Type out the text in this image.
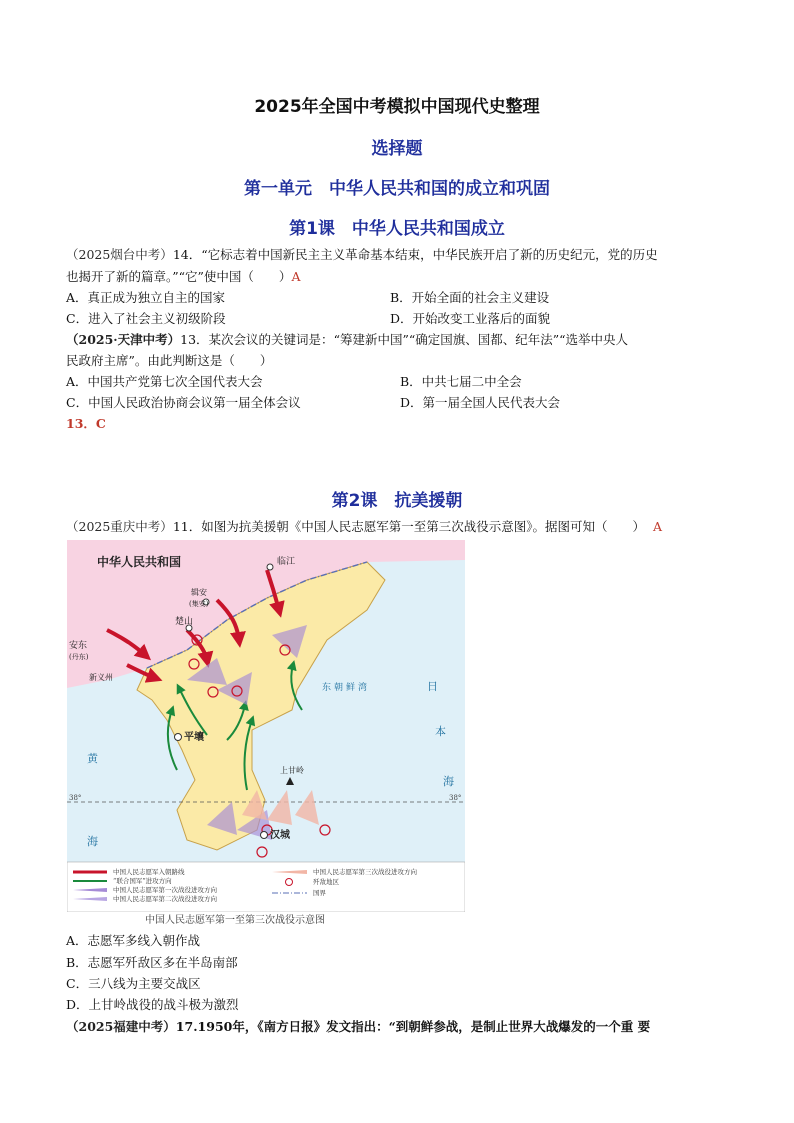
2025年全国中考模拟中国现代史整理
选择题
第一单元　中华人民共和国的成立和巩固
第1课　中华人民共和国成立
（2025烟台中考）14．“它标志着中国新民主主义革命基本结束，中华民族开启了新的历史纪元，党的历史
也揭开了新的篇章。”“它”使中国（　　）A
A．真正成为独立自主的国家	B．开始全面的社会主义建设
C．进入了社会主义初级阶段	D．开始改变工业落后的面貌
（2025·天津中考）13．某次会议的关键词是：“筹建新中国”“确定国旗、国都、纪年法”“选举中央人
民政府主席”。由此判断这是（　　）
A．中国共产党第七次全国代表大会	B．中共七届二中全会
C．中国人民政治协商会议第一届全体会议	D．第一届全国人民代表大会
13．C
第2课　抗美援朝
（2025重庆中考）11．如图为抗美援朝《中国人民志愿军第一至第三次战役示意图》。据图可知（　　） A
中华人民共和国	临江
辑安
(集安)
楚山
安东
(丹东)
新义州
平壤
上甘岭
汉城
东朝鲜湾	日
本
海
黄
海
38°	38°
中国人民志愿军入朝路线
“联合国军”进攻方向
中国人民志愿军第一次战役进攻方向
中国人民志愿军第二次战役进攻方向
中国人民志愿军第三次战役进攻方向
歼敌地区
国界
中国人民志愿军第一至第三次战役示意图
A．志愿军多线入朝作战
B．志愿军歼敌区多在半岛南部
C．三八线为主要交战区
D．上甘岭战役的战斗极为激烈
（2025福建中考）17.1950年，《南方日报》发文指出：“到朝鲜参战，是制止世界大战爆发的一个重 要
